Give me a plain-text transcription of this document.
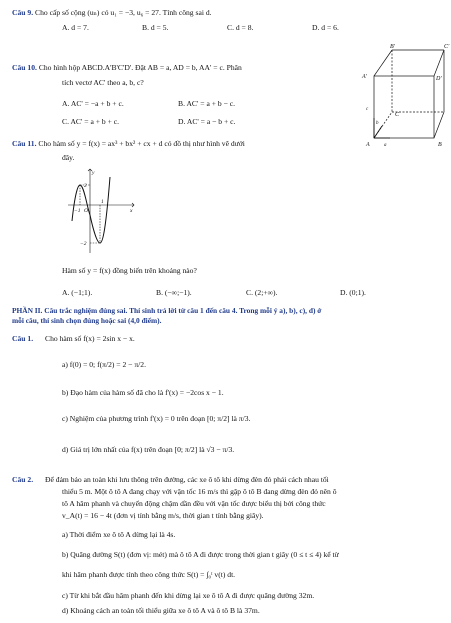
Câu 9. Cho cấp số cộng (uₙ) có u₁ = −3, u₆ = 27. Tính công sai d.
A. d = 7.	B. d = 5.	C. d = 8.	D. d = 6.
Câu 10. Cho hình hộp ABCD.A'B'C'D'. Đặt AB = a, AD = b, AA' = c. Phân
tích vectơ AC' theo a, b, c?
A. AC' = −a + b + c.	B. AC' = a + b − c.
C. AC' = a + b + c.	D. AC' = a − b + c.
B'	C'
A'	D'
c
b
C
B
A	a
Câu 11. Cho hàm số y = f(x) = ax³ + bx² + cx + d có đồ thị như hình vẽ dưới
đây.
y
2
O
1
x
−1
−2
Hàm số y = f(x) đồng biến trên khoảng nào?
A. (−1;1).	B. (−∞;−1).	C. (2;+∞).	D. (0;1).
PHẦN II. Câu trắc nghiệm đúng sai. Thí sinh trả lời từ câu 1 đến câu 4. Trong mỗi ý a), b), c), d) ở
mỗi câu, thí sinh chọn đúng hoặc sai (4,0 điểm).
Câu 1. Cho hàm số f(x) = 2sin x − x.
a) f(0) = 0; f(π/2) = 2 − π/2.
b) Đạo hàm của hàm số đã cho là f'(x) = −2cos x − 1.
c) Nghiệm của phương trình f'(x) = 0 trên đoạn [0; π/2] là π/3.
d) Giá trị lớn nhất của f(x) trên đoạn [0; π/2] là √3 − π/3.
Câu 2. Để đảm bảo an toàn khi lưu thông trên đường, các xe ô tô khi dừng đèn đỏ phải cách nhau tối
thiểu 5 m. Một ô tô A đang chạy với vận tốc 16 m/s thì gặp ô tô B đang dừng đèn đỏ nên ô
tô A hãm phanh và chuyển động chậm dần đều với vận tốc được biểu thị bởi công thức
v_A(t) = 16 − 4t (đơn vị tính bằng m/s, thời gian t tính bằng giây).
a) Thời điểm xe ô tô A dừng lại là 4s.
b) Quãng đường S(t) (đơn vị: mét) mà ô tô A đi được trong thời gian t giây (0 ≤ t ≤ 4) kể từ
khi hãm phanh được tính theo công thức S(t) = ∫₀ᵗ v(t) dt.
c) Từ khi bắt đầu hãm phanh đến khi dừng lại xe ô tô A đi được quãng đường 32m.
d) Khoảng cách an toàn tối thiểu giữa xe ô tô A và ô tô B là 37m.
